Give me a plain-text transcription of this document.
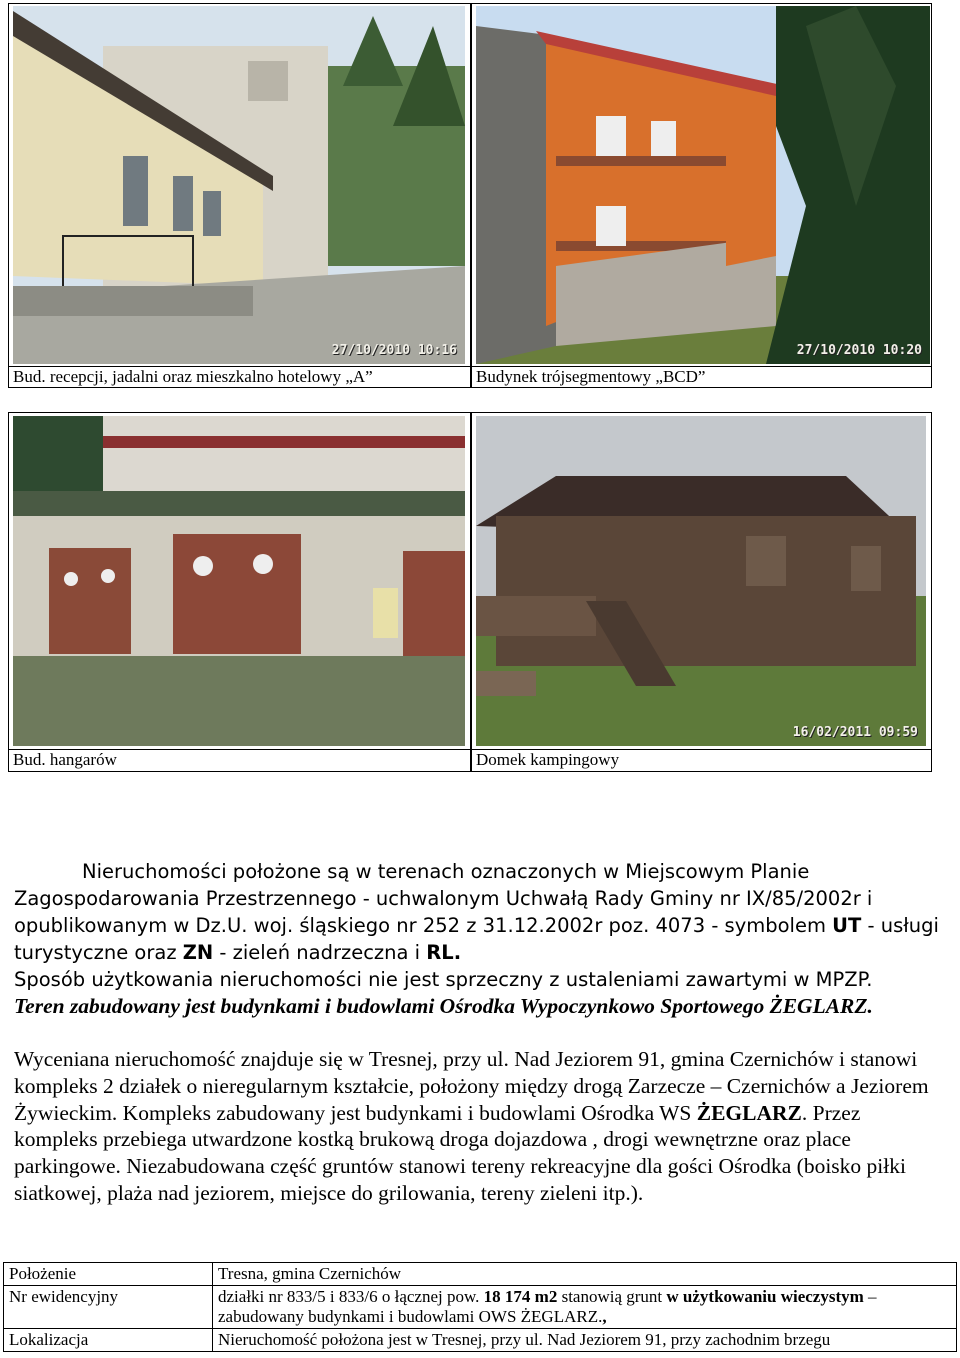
27/10/2010 10:16
Bud. recepcji, jadalni oraz mieszkalno hotelowy „A”
27/10/2010 10:20
Budynek trójsegmentowy „BCD”
Bud. hangarów
16/02/2011 09:59
Domek kampingowy
Nieruchomości położone są w terenach oznaczonych w Miejscowym Planie Zagospodarowania Przestrzennego - uchwalonym Uchwałą Rady Gminy nr IX/85/2002r i opublikowanym w Dz.U. woj. śląskiego nr 252 z 31.12.2002r poz. 4073 - symbolem UT - usługi turystyczne oraz ZN - zieleń nadrzeczna i RL.
Sposób użytkowania nieruchomości nie jest sprzeczny z ustaleniami zawartymi w MPZP.
Teren zabudowany jest budynkami i budowlami Ośrodka Wypoczynkowo Sportowego ŻEGLARZ.
Wyceniana nieruchomość znajduje się w Tresnej, przy ul. Nad Jeziorem 91, gmina Czernichów i stanowi kompleks 2 działek o nieregularnym kształcie, położony między drogą Zarzecze – Czernichów a Jeziorem Żywieckim. Kompleks zabudowany jest budynkami i budowlami Ośrodka WS ŻEGLARZ. Przez kompleks przebiega utwardzone kostką brukową droga dojazdowa , drogi wewnętrzne oraz place parkingowe. Niezabudowana część gruntów stanowi tereny rekreacyjne dla gości Ośrodka (boisko piłki siatkowej, plaża nad jeziorem, miejsce do grilowania, tereny zieleni itp.).
Położenie	Tresna, gmina Czernichów
Nr ewidencyjny	działki nr 833/5 i 833/6 o łącznej pow. 18 174 m2 stanowią grunt w użytkowaniu wieczystym – zabudowany budynkami i budowlami OWS ŻEGLARZ.,
Lokalizacja	Nieruchomość położona jest w Tresnej, przy ul. Nad Jeziorem 91, przy zachodnim brzegu
